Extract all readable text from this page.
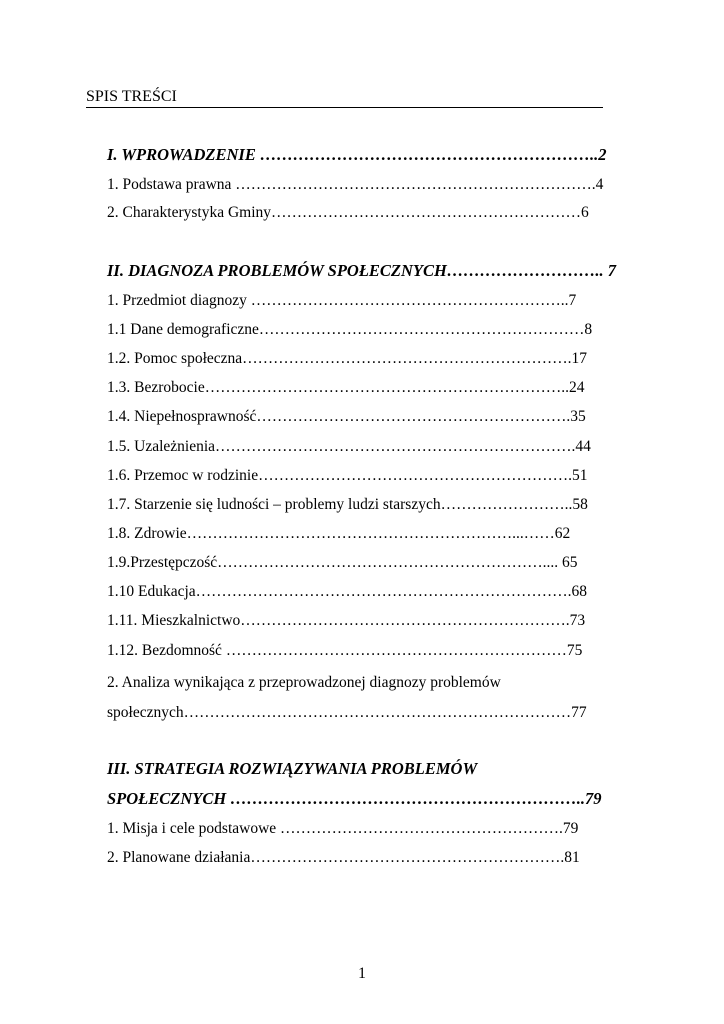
SPIS TREŚCI
I. WPROWADZENIE ……………………………………………………..2
1. Podstawa prawna …………………………………………………………….4
2. Charakterystyka Gminy……………………………………………………6
II. DIAGNOZA PROBLEMÓW SPOŁECZNYCH……………………….. 7
1. Przedmiot diagnozy ……………………………………………………..7
1.1 Dane demograficzne………………………………………………………8
1.2. Pomoc społeczna……………………………………………………….17
1.3. Bezrobocie……………………………………………………………..24
1.4. Niepełnosprawność…………………………………………………….35
1.5. Uzależnienia…………………………………………………………….44
1.6. Przemoc w rodzinie…………………………………………………….51
1.7. Starzenie się ludności – problemy ludzi starszych……………………..58
1.8. Zdrowie………………………………………………………...……62
1.9.Przestępczość……………………………………………………….... 65
1.10 Edukacja……………………………………………………………….68
1.11. Mieszkalnictwo……………………………………………………….73
1.12. Bezdomność …………………………………………………………75
2. Analiza wynikająca z przeprowadzonej diagnozy problemów
społecznych…………………………………………………………………77
III. STRATEGIA ROZWIĄZYWANIA PROBLEMÓW
SPOŁECZNYCH ………………………………………………………..79
1. Misja i cele podstawowe ……………………………………………….79
2. Planowane działania…………………………………………………….81
1
